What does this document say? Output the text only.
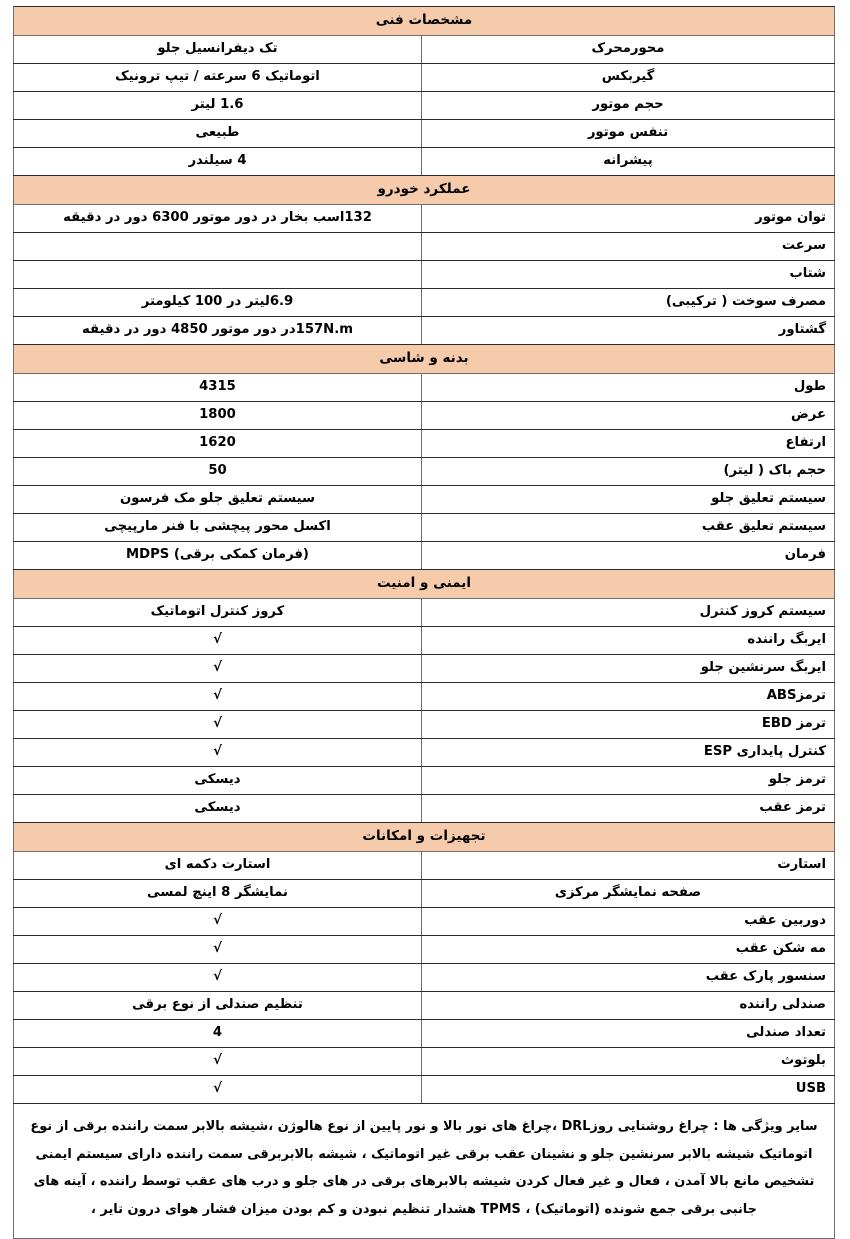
مشخصات فنی	
محورمحرک	تک دیفرانسیل جلو
گیربکس	اتوماتیک 6 سرعته / تیپ ترونیک
حجم موتور	1.6 لیتر
تنفس موتور	طبیعی
پیشرانه	4 سیلندر
عملکرد خودرو	
توان موتور	132اسب بخار در دور موتور 6300 دور در دقیقه
سرعت	
شتاب	
مصرف سوخت ( ترکیبی)	6.9لیتر در 100 کیلومتر
گشتاور	157N.mدر دور موتور 4850 دور در دقیقه
بدنه و شاسی	
طول	4315
عرض	1800
ارتفاع	1620
حجم باک ( لیتر)	50
سیستم تعلیق جلو	سیستم تعلیق جلو مک فرسون
سیستم تعلیق عقب	اکسل محور پیچشی با فنر مارپیچی
فرمان	(فرمان کمکی برقی) MDPS
ایمنی و امنیت	
سیستم کروز کنترل	کروز کنترل اتوماتیک
ایربگ راننده	√
ایربگ سرنشین جلو	√
ترمزABS	√
ترمز EBD	√
کنترل پایداری ESP	√
ترمز جلو	دیسکی
ترمز عقب	دیسکی
تجهیزات و امکانات	
استارت	استارت دکمه ای
صفحه نمایشگر مرکزی	نمایشگر 8 اینچ لمسی
دوربین عقب	√
مه شکن عقب	√
سنسور پارک عقب	√
صندلی راننده	تنظیم صندلی از نوع برقی
تعداد صندلی	4
بلوتوث	√
USB	√

سایر ویژگی ها : چراغ روشنایی روزDRL ،چراغ های نور بالا و نور پایین از نوع هالوژن ،شیشه بالابر سمت راننده برقی از نوع اتوماتیک شیشه بالابر سرنشین جلو و نشینان عقب برقی غیر اتوماتیک ، شیشه بالابربرقی سمت راننده دارای سیستم ایمنی تشخیص مانع بالا آمدن ، فعال و غیر فعال کردن شیشه بالابرهای برقی در های جلو و درب های عقب توسط راننده ، آینه های جانبی برقی جمع شونده (اتوماتیک) ، TPMS هشدار تنظیم نبودن و کم بودن میزان فشار هوای درون تایر ،	
